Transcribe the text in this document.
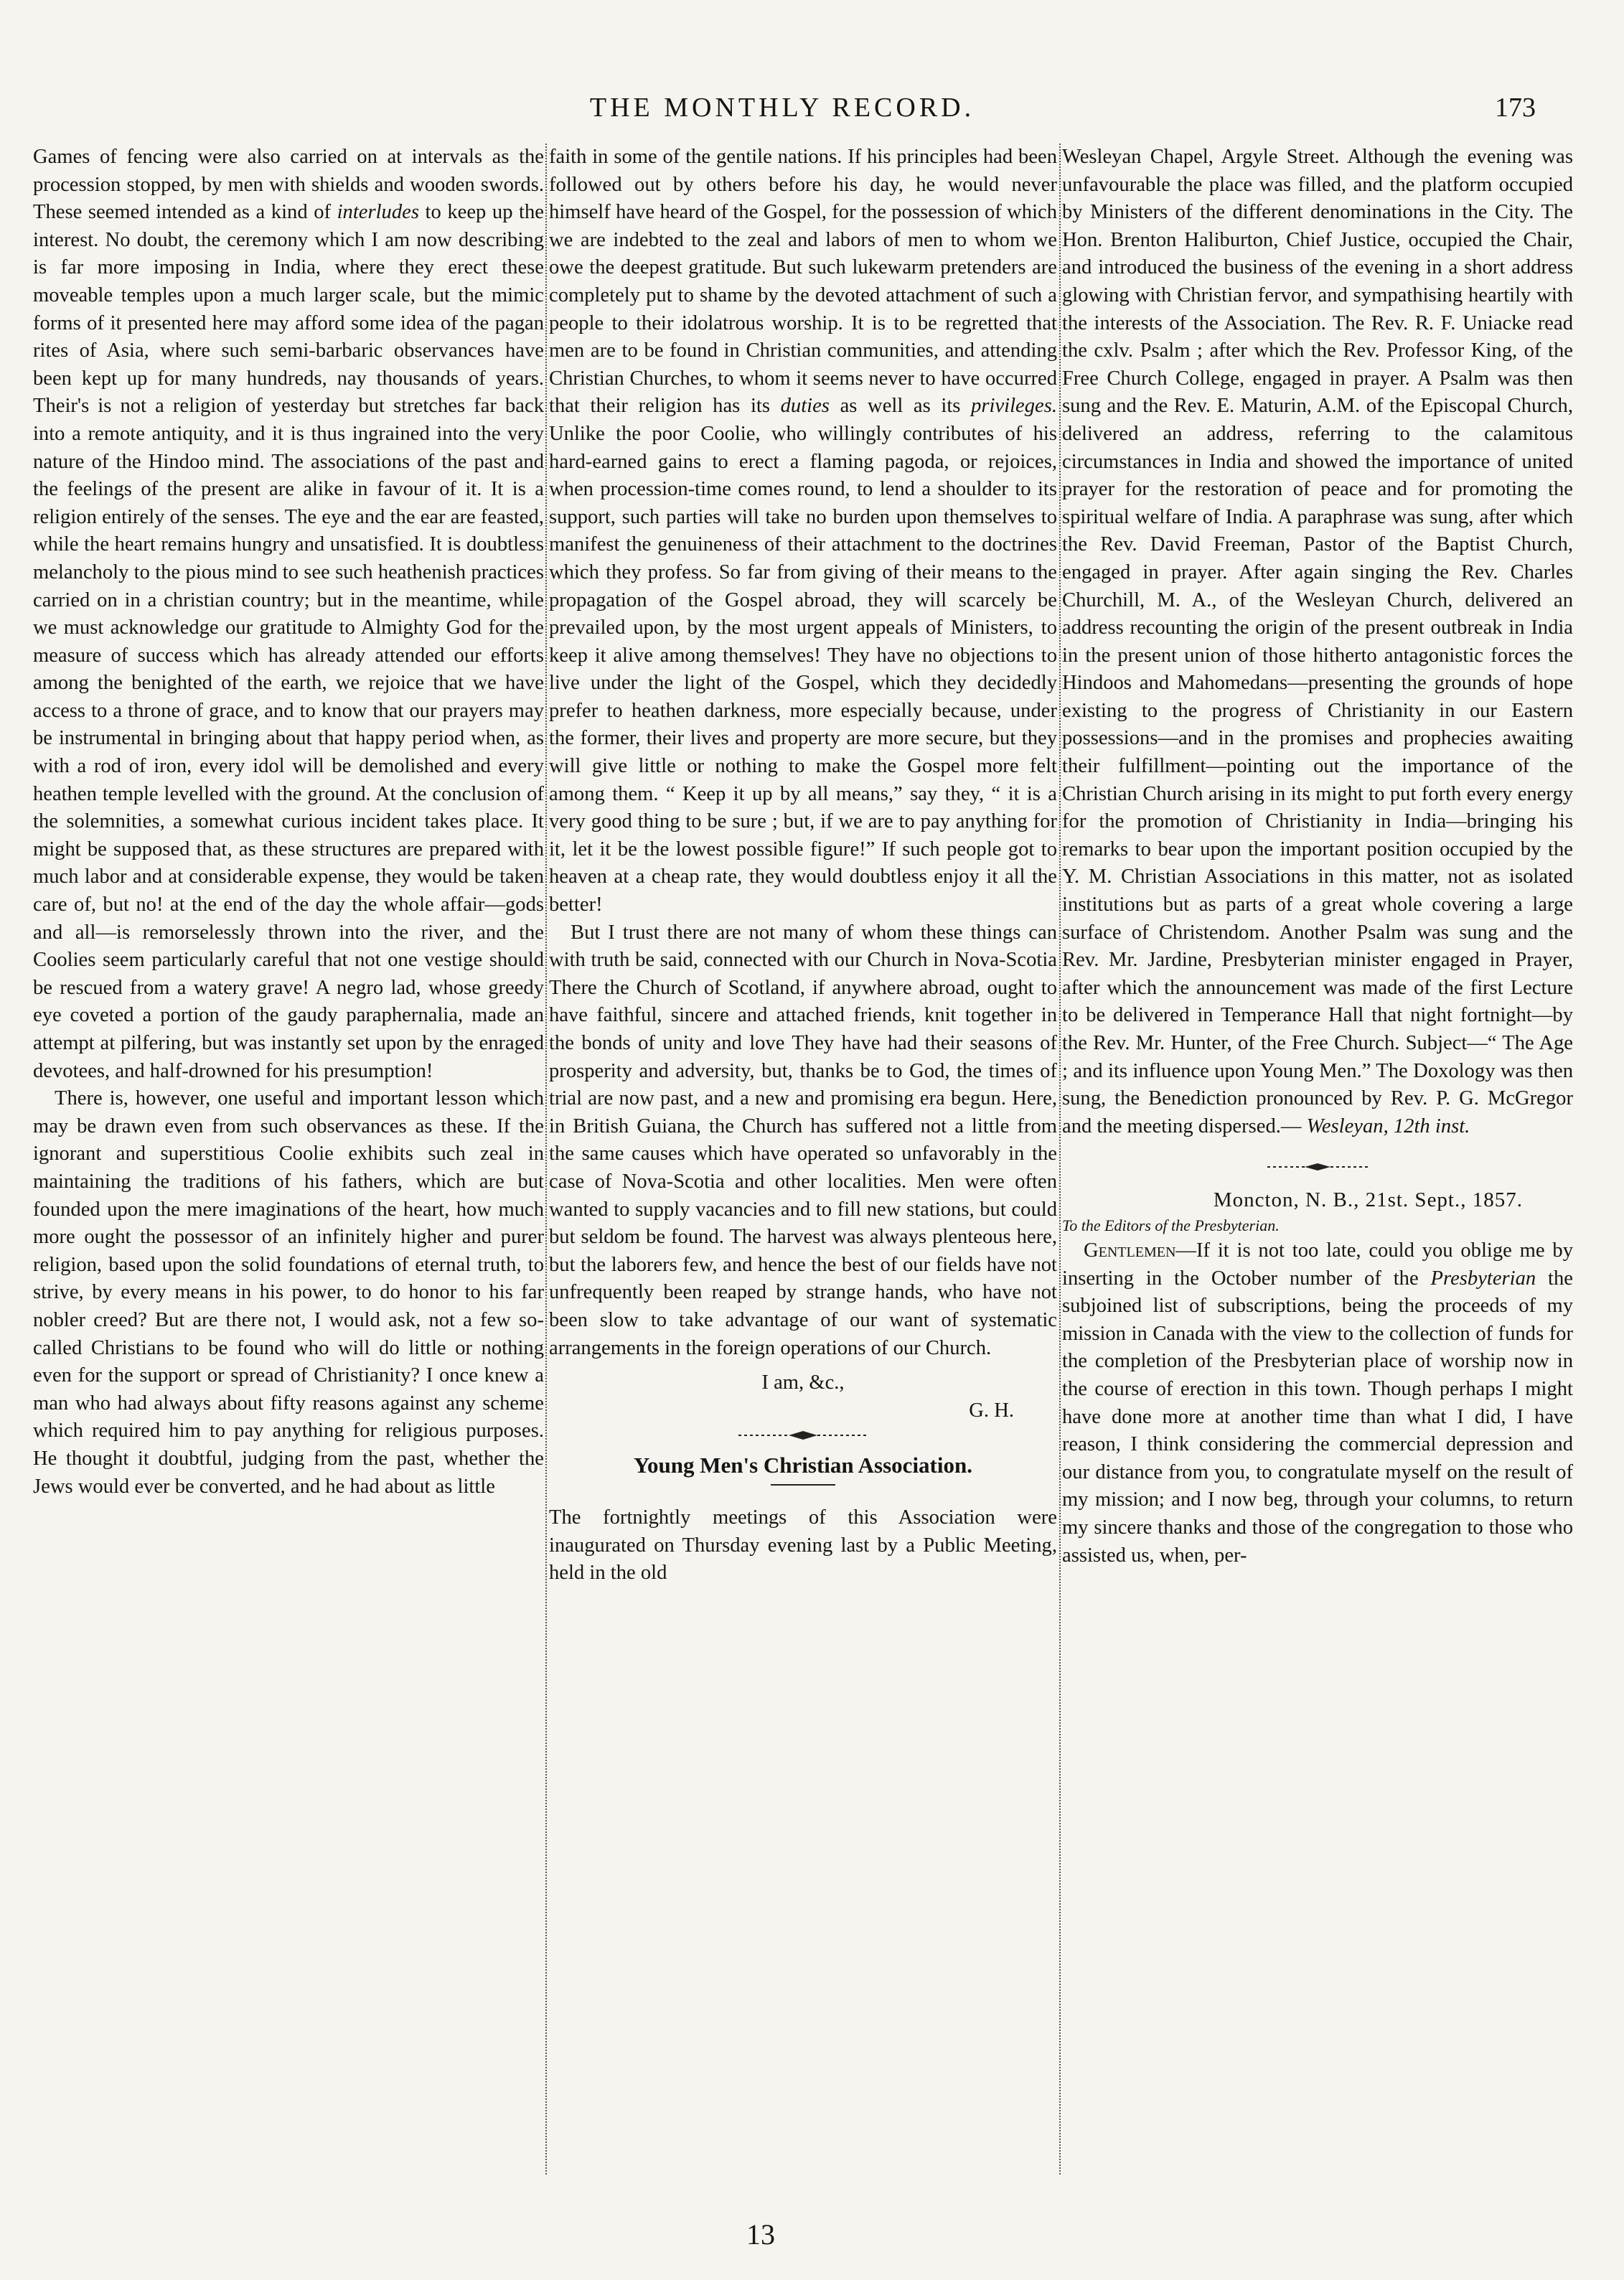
THE MONTHLY RECORD.	173

Games of fencing were also carried on at intervals as the procession stopped, by men with shields and wooden swords. These seemed intended as a kind of interludes to keep up the interest. No doubt, the ceremony which I am now describing is far more imposing in India, where they erect these moveable temples upon a much larger scale, but the mimic forms of it presented here may afford some idea of the pagan rites of Asia, where such semi-barbaric observances have been kept up for many hundreds, nay thousands of years. Their's is not a religion of yesterday but stretches far back into a remote antiquity, and it is thus ingrained into the very nature of the Hindoo mind. The associations of the past and the feelings of the present are alike in favour of it. It is a religion entirely of the senses. The eye and the ear are feasted, while the heart remains hungry and unsatisfied. It is doubtless melancholy to the pious mind to see such heathenish practices carried on in a christian country; but in the meantime, while we must acknowledge our gratitude to Almighty God for the measure of success which has already attended our efforts among the benighted of the earth, we rejoice that we have access to a throne of grace, and to know that our prayers may be instrumental in bringing about that happy period when, as with a rod of iron, every idol will be demolished and every heathen temple levelled with the ground. At the conclusion of the solemnities, a somewhat curious incident takes place. It might be supposed that, as these structures are prepared with much labor and at considerable expense, they would be taken care of, but no! at the end of the day the whole affair—gods and all—is remorselessly thrown into the river, and the Coolies seem particularly careful that not one vestige should be rescued from a watery grave! A negro lad, whose greedy eye coveted a portion of the gaudy paraphernalia, made an attempt at pilfering, but was instantly set upon by the enraged devotees, and half-drowned for his presumption!

There is, however, one useful and important lesson which may be drawn even from such observances as these. If the ignorant and superstitious Coolie exhibits such zeal in maintaining the traditions of his fathers, which are but founded upon the mere imaginations of the heart, how much more ought the possessor of an infinitely higher and purer religion, based upon the solid foundations of eternal truth, to strive, by every means in his power, to do honor to his far nobler creed? But are there not, I would ask, not a few so-called Christians to be found who will do little or nothing even for the support or spread of Christianity? I once knew a man who had always about fifty reasons against any scheme which required him to pay anything for religious purposes. He thought it doubtful, judging from the past, whether the Jews would ever be converted, and he had about as little

faith in some of the gentile nations. If his principles had been followed out by others before his day, he would never himself have heard of the Gospel, for the possession of which we are indebted to the zeal and labors of men to whom we owe the deepest gratitude. But such lukewarm pretenders are completely put to shame by the devoted attachment of such a people to their idolatrous worship. It is to be regretted that men are to be found in Christian communities, and attending Christian Churches, to whom it seems never to have occurred that their religion has its duties as well as its privileges. Unlike the poor Coolie, who willingly contributes of his hard-earned gains to erect a flaming pagoda, or rejoices, when procession-time comes round, to lend a shoulder to its support, such parties will take no burden upon themselves to manifest the genuineness of their attachment to the doctrines which they profess. So far from giving of their means to the propagation of the Gospel abroad, they will scarcely be prevailed upon, by the most urgent appeals of Ministers, to keep it alive among themselves! They have no objections to live under the light of the Gospel, which they decidedly prefer to heathen darkness, more especially because, under the former, their lives and property are more secure, but they will give little or nothing to make the Gospel more felt among them. “ Keep it up by all means,” say they, “ it is a very good thing to be sure ; but, if we are to pay anything for it, let it be the lowest possible figure!” If such people got to heaven at a cheap rate, they would doubtless enjoy it all the better!

But I trust there are not many of whom these things can with truth be said, connected with our Church in Nova-Scotia There the Church of Scotland, if anywhere abroad, ought to have faithful, sincere and attached friends, knit together in the bonds of unity and love They have had their seasons of prosperity and adversity, but, thanks be to God, the times of trial are now past, and a new and promising era begun. Here, in British Guiana, the Church has suffered not a little from the same causes which have operated so unfavorably in the case of Nova-Scotia and other localities. Men were often wanted to supply vacancies and to fill new stations, but could but seldom be found. The harvest was always plenteous here, but the laborers few, and hence the best of our fields have not unfrequently been reaped by strange hands, who have not been slow to take advantage of our want of systematic arrangements in the foreign operations of our Church.

I am, &c.,
G. H.
Young Men's Christian Association.

The fortnightly meetings of this Association were inaugurated on Thursday evening last by a Public Meeting, held in the old

Wesleyan Chapel, Argyle Street. Although the evening was unfavourable the place was filled, and the platform occupied by Ministers of the different denominations in the City. The Hon. Brenton Haliburton, Chief Justice, occupied the Chair, and introduced the business of the evening in a short address glowing with Christian fervor, and sympathising heartily with the interests of the Association. The Rev. R. F. Uniacke read the cxlv. Psalm ; after which the Rev. Professor King, of the Free Church College, engaged in prayer. A Psalm was then sung and the Rev. E. Maturin, A.M. of the Episcopal Church, delivered an address, referring to the calamitous circumstances in India and showed the importance of united prayer for the restoration of peace and for promoting the spiritual welfare of India. A paraphrase was sung, after which the Rev. David Freeman, Pastor of the Baptist Church, engaged in prayer. After again singing the Rev. Charles Churchill, M. A., of the Wesleyan Church, delivered an address recounting the origin of the present outbreak in India in the present union of those hitherto antagonistic forces the Hindoos and Mahomedans—presenting the grounds of hope existing to the progress of Christianity in our Eastern possessions—and in the promises and prophecies awaiting their fulfillment—pointing out the importance of the Christian Church arising in its might to put forth every energy for the promotion of Christianity in India—bringing his remarks to bear upon the important position occupied by the Y. M. Christian Associations in this matter, not as isolated institutions but as parts of a great whole covering a large surface of Christendom. Another Psalm was sung and the Rev. Mr. Jardine, Presbyterian minister engaged in Prayer, after which the announcement was made of the first Lecture to be delivered in Temperance Hall that night fortnight—by the Rev. Mr. Hunter, of the Free Church. Subject—“ The Age ; and its influence upon Young Men.” The Doxology was then sung, the Benediction pronounced by Rev. P. G. McGregor and the meeting dispersed.— Wesleyan, 12th inst.

Moncton, N. B., 21st. Sept., 1857.

To the Editors of the Presbyterian.

Gentlemen—If it is not too late, could you oblige me by inserting in the October number of the Presbyterian the subjoined list of subscriptions, being the proceeds of my mission in Canada with the view to the collection of funds for the completion of the Presbyterian place of worship now in the course of erection in this town. Though perhaps I might have done more at another time than what I did, I have reason, I think considering the commercial depression and our distance from you, to congratulate myself on the result of my mission; and I now beg, through your columns, to return my sincere thanks and those of the congregation to those who assisted us, when, per-

13
